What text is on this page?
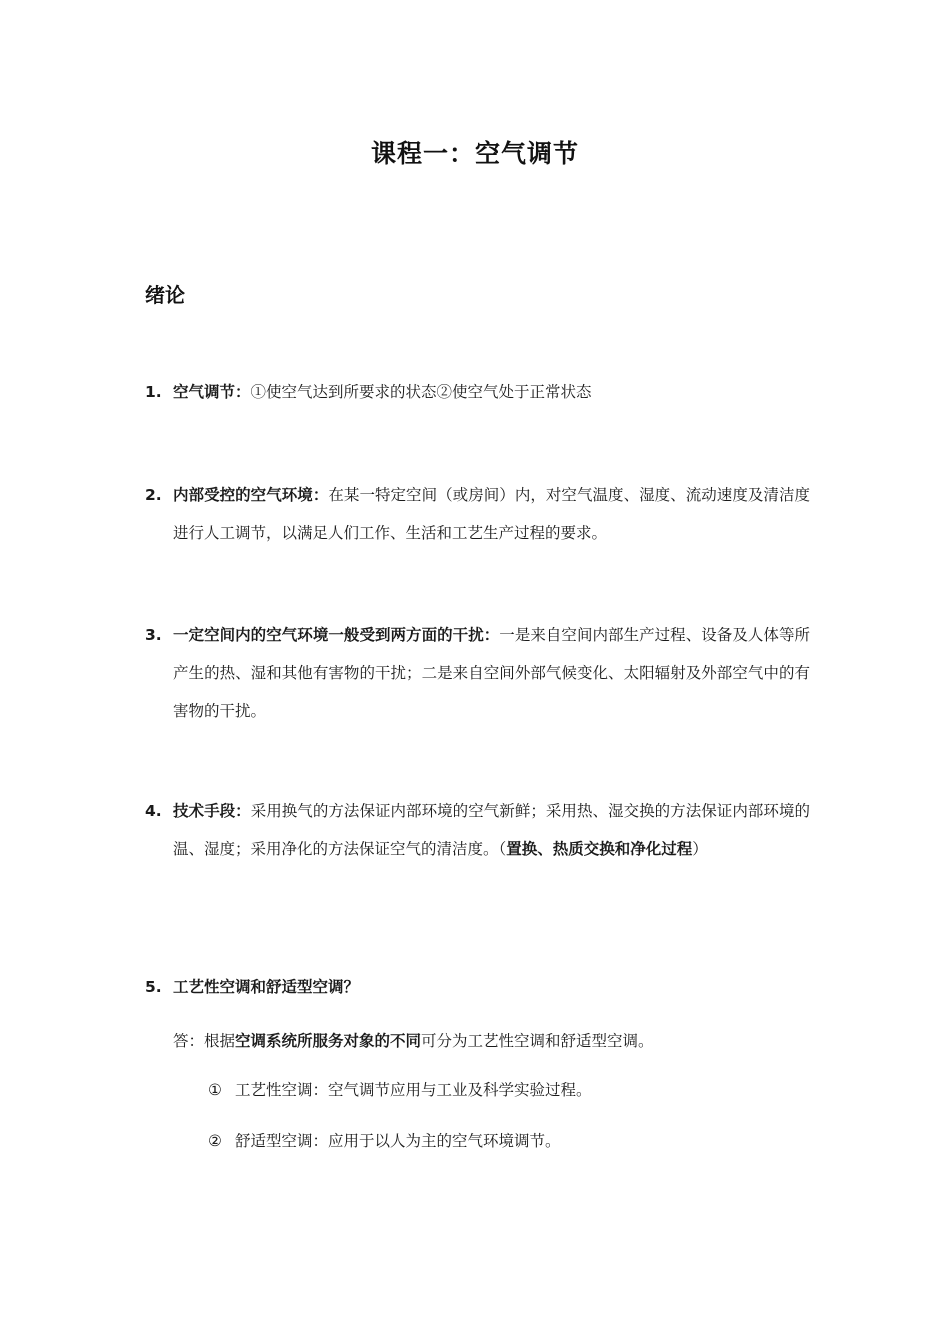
课程一：空气调节
绪论
1. 空气调节：①使空气达到所要求的状态②使空气处于正常状态
2. 内部受控的空气环境：在某一特定空间（或房间）内，对空气温度、湿度、流动速度及清洁度进行人工调节，以满足人们工作、生活和工艺生产过程的要求。
3. 一定空间内的空气环境一般受到两方面的干扰：一是来自空间内部生产过程、设备及人体等所产生的热、湿和其他有害物的干扰；二是来自空间外部气候变化、太阳辐射及外部空气中的有害物的干扰。
4. 技术手段：采用换气的方法保证内部环境的空气新鲜；采用热、湿交换的方法保证内部环境的温、湿度；采用净化的方法保证空气的清洁度。（置换、热质交换和净化过程）
5. 工艺性空调和舒适型空调？
答：根据空调系统所服务对象的不同可分为工艺性空调和舒适型空调。
① 工艺性空调：空气调节应用与工业及科学实验过程。
② 舒适型空调：应用于以人为主的空气环境调节。
